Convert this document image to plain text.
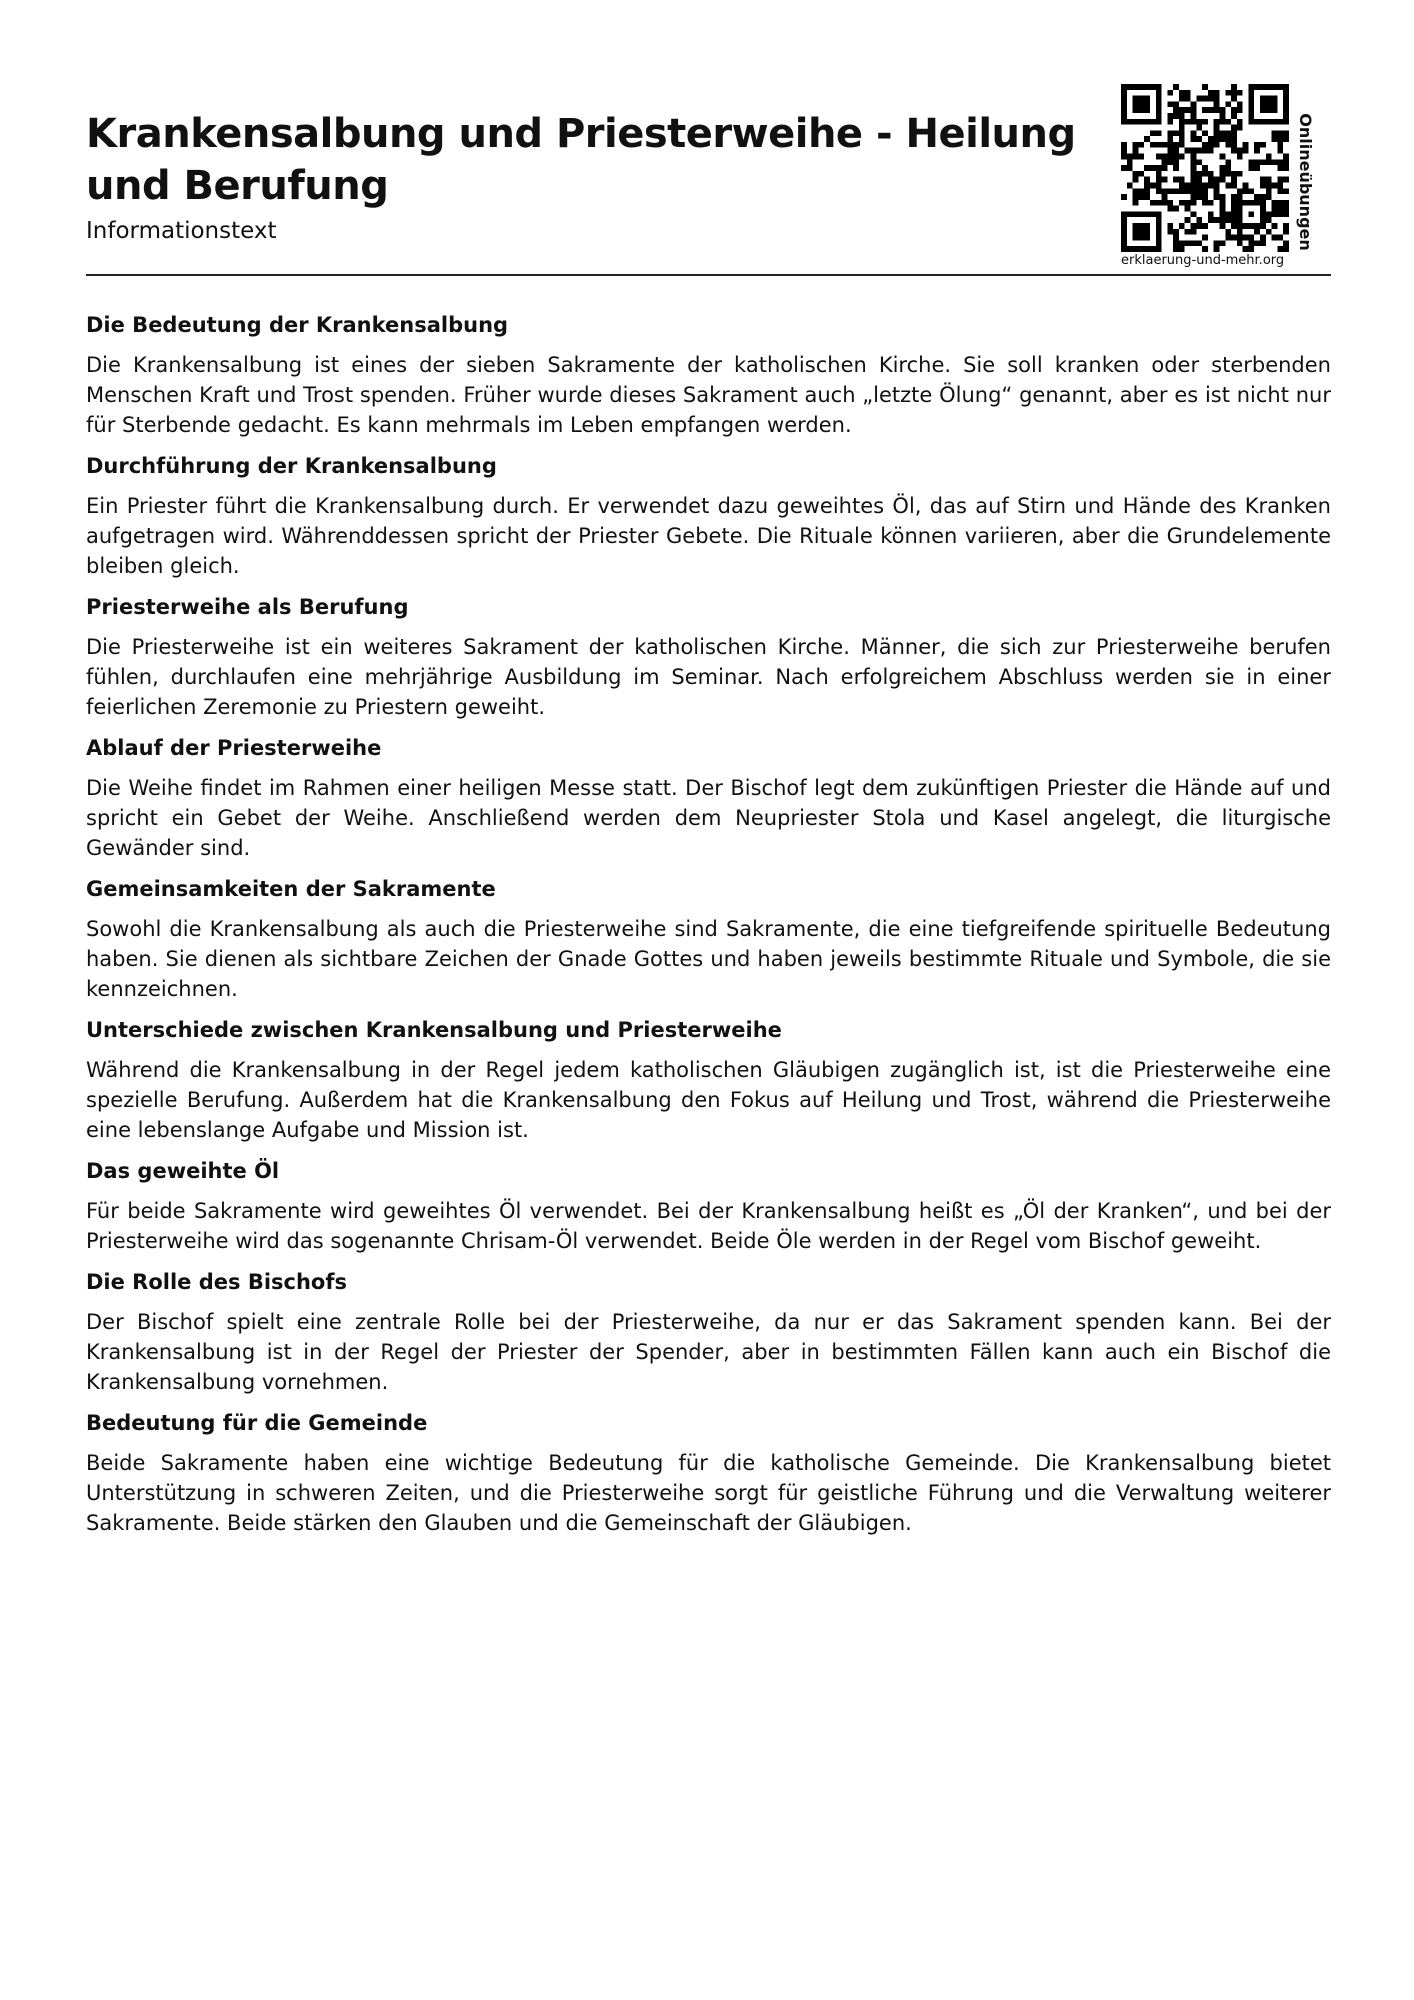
Krankensalbung und Priesterweihe - Heilung und Berufung

Informationstext

erklaerung-und-mehr.org
Onlineübungen
Die Bedeutung der Krankensalbung

Die Krankensalbung ist eines der sieben Sakramente der katholischen Kirche. Sie soll kranken oder sterbenden Menschen Kraft und Trost spenden. Früher wurde dieses Sakrament auch „letzte Ölung“ genannt, aber es ist nicht nur für Sterbende gedacht. Es kann mehrmals im Leben empfangen werden.

Durchführung der Krankensalbung

Ein Priester führt die Krankensalbung durch. Er verwendet dazu geweihtes Öl, das auf Stirn und Hände des Kranken aufgetragen wird. Währenddessen spricht der Priester Gebete. Die Rituale können variieren, aber die Grundelemente bleiben gleich.

Priesterweihe als Berufung

Die Priesterweihe ist ein weiteres Sakrament der katholischen Kirche. Männer, die sich zur Priesterweihe berufen fühlen, durchlaufen eine mehrjährige Ausbildung im Seminar. Nach erfolgreichem Abschluss werden sie in einer feierlichen Zeremonie zu Priestern geweiht.

Ablauf der Priesterweihe

Die Weihe findet im Rahmen einer heiligen Messe statt. Der Bischof legt dem zukünftigen Priester die Hände auf und spricht ein Gebet der Weihe. Anschließend werden dem Neupriester Stola und Kasel angelegt, die liturgische Gewänder sind.

Gemeinsamkeiten der Sakramente

Sowohl die Krankensalbung als auch die Priesterweihe sind Sakramente, die eine tiefgreifende spirituelle Bedeutung haben. Sie dienen als sichtbare Zeichen der Gnade Gottes und haben jeweils bestimmte Rituale und Symbole, die sie kennzeichnen.

Unterschiede zwischen Krankensalbung und Priesterweihe

Während die Krankensalbung in der Regel jedem katholischen Gläubigen zugänglich ist, ist die Priesterweihe eine spezielle Berufung. Außerdem hat die Krankensalbung den Fokus auf Heilung und Trost, während die Priesterweihe eine lebenslange Aufgabe und Mission ist.

Das geweihte Öl

Für beide Sakramente wird geweihtes Öl verwendet. Bei der Krankensalbung heißt es „Öl der Kranken“, und bei der Priesterweihe wird das sogenannte Chrisam-Öl verwendet. Beide Öle werden in der Regel vom Bischof geweiht.

Die Rolle des Bischofs

Der Bischof spielt eine zentrale Rolle bei der Priesterweihe, da nur er das Sakrament spenden kann. Bei der Krankensalbung ist in der Regel der Priester der Spender, aber in bestimmten Fällen kann auch ein Bischof die Krankensalbung vornehmen.

Bedeutung für die Gemeinde

Beide Sakramente haben eine wichtige Bedeutung für die katholische Gemeinde. Die Krankensalbung bietet Unterstützung in schweren Zeiten, und die Priesterweihe sorgt für geistliche Führung und die Verwaltung weiterer Sakramente. Beide stärken den Glauben und die Gemeinschaft der Gläubigen.
